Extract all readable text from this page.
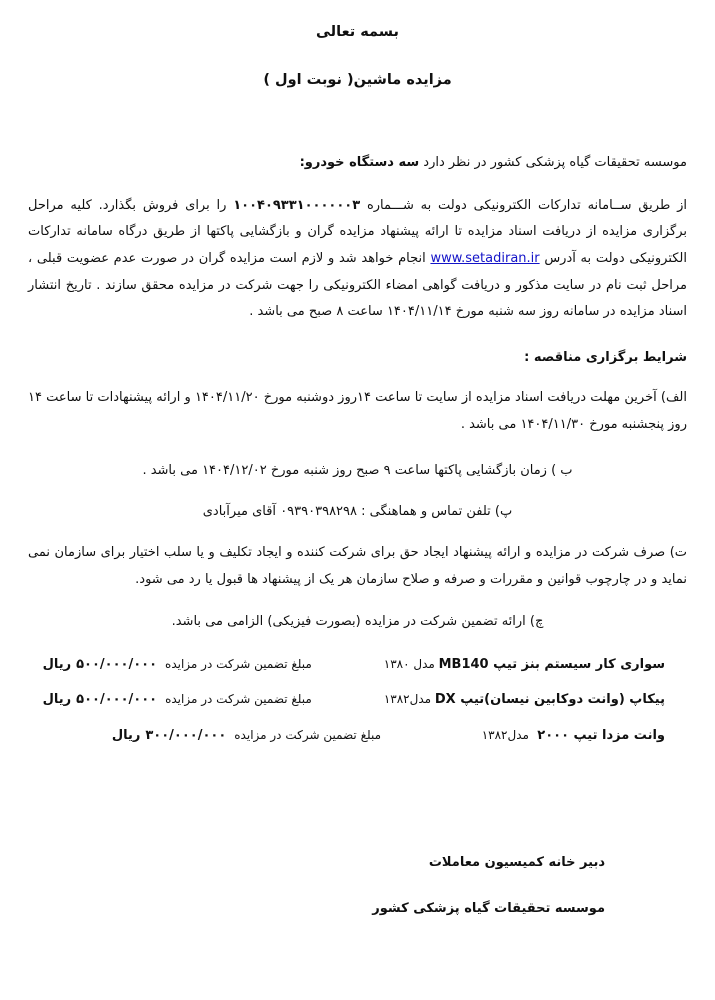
بسمه تعالی
مزایده ماشین( نوبت اول )

موسسه تحقیقات گیاه پزشکی کشور در نظر دارد سه دستگاه خودرو:

از طریق ســامانه تدارکات الکترونیکی دولت به شـــماره ۱۰۰۴۰۹۳۳۱۰۰۰۰۰۰۳ را برای فروش بگذارد. کلیه مراحل برگزاری مزایده از دریافت اسناد مزایده تا ارائه پیشنهاد مزایده گران و بازگشایی پاکتها از طریق درگاه سامانه تدارکات الکترونیکی دولت به آدرس www.setadiran.ir انجام خواهد شد و لازم است مزایده گران در صورت عدم عضویت قبلی ، مراحل ثبت نام در سایت مذکور و دریافت گواهی امضاء الکترونیکی را جهت شرکت در مزایده محقق سازند . تاریخ انتشار اسناد مزایده در سامانه روز سه شنبه مورخ ۱۴۰۴/۱۱/۱۴ ساعت ۸ صبح می باشد .

شرایط برگزاری مناقصه :

الف) آخرین مهلت دریافت اسناد مزایده از سایت تا ساعت ۱۴روز دوشنبه مورخ ۱۴۰۴/۱۱/۲۰ و ارائه پیشنهادات تا ساعت ۱۴ روز پنجشنبه مورخ ۱۴۰۴/۱۱/۳۰ می باشد .

ب ) زمان بازگشایی پاکتها ساعت ۹ صبح روز شنبه مورخ ۱۴۰۴/۱۲/۰۲ می باشد .

پ) تلفن تماس و هماهنگی : ۰۹۳۹۰۳۹۸۲۹۸ آقای میرآبادی

ت) صرف شرکت در مزایده و ارائه پیشنهاد ایجاد حق برای شرکت کننده و ایجاد تکلیف و یا سلب اختیار برای سازمان نمی نماید و در چارچوب قوانین و مقررات و صرفه و صلاح سازمان هر یک از پیشنهاد ها قبول یا رد می شود.

چ) ارائه تضمین شرکت در مزایده (بصورت فیزیکی) الزامی می باشد.

سواری کار سیستم بنز تیپ MB140 مدل ۱۳۸۰
مبلغ تضمین شرکت در مزایده
۵۰۰/۰۰۰/۰۰۰
ریال
پیکاپ (وانت دوکابین نیسان)تیپ DX مدل۱۳۸۲
مبلغ تضمین شرکت در مزایده
۵۰۰/۰۰۰/۰۰۰
ریال
وانت مزدا تیپ ۲۰۰۰  مدل۱۳۸۲
مبلغ تضمین شرکت در مزایده
۳۰۰/۰۰۰/۰۰۰
ریال

دبیر خانه کمیسیون معاملات

موسسه تحقیقات گیاه پزشکی کشور
